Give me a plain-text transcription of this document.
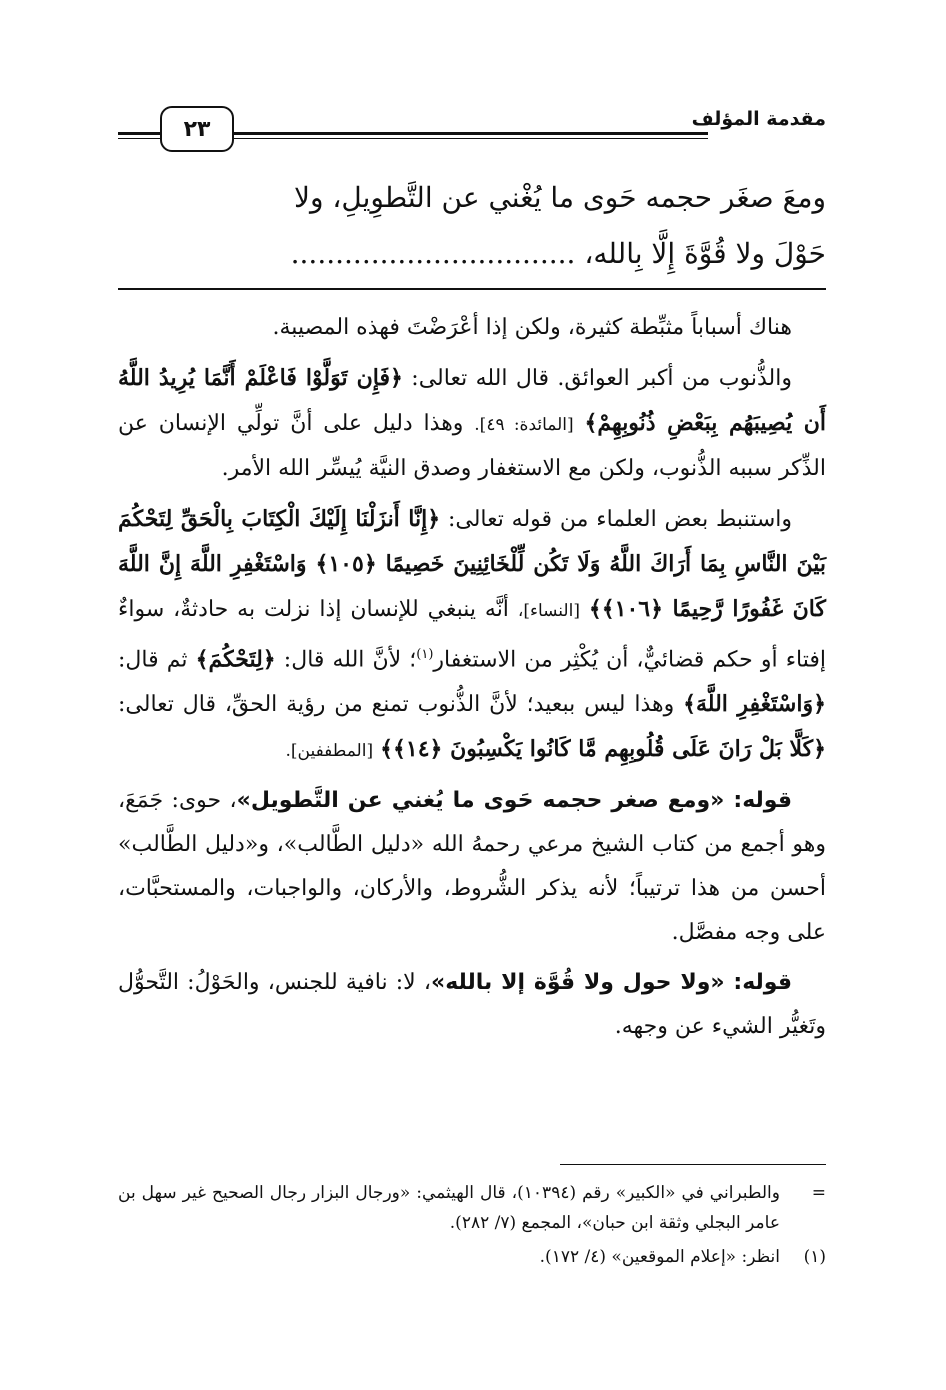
مقدمة المؤلف
٢٣
ومعَ صغَر حجمه حَوى ما يُغْني عن التَّطوِيلِ، ولا
حَوْلَ ولا قُوَّةَ إِلَّا بِالله، ................................

هناك أسباباً مثبِّطة كثيرة، ولكن إذا أعْرَضْتَ فهذه المصيبة.

والذُّنوب من أكبر العوائق. قال الله تعالى: ﴿فَإِن تَوَلَّوْا فَاعْلَمْ أَنَّمَا يُرِيدُ اللَّهُ أَن يُصِيبَهُم بِبَعْضِ ذُنُوبِهِمْ﴾ [المائدة: ٤٩]. وهذا دليل على أنَّ تولِّي الإنسان عن الذِّكر سببه الذُّنوب، ولكن مع الاستغفار وصدق النيَّة يُيسِّر الله الأمر.

واستنبط بعض العلماء من قوله تعالى: ﴿إِنَّا أَنزَلْنَا إِلَيْكَ الْكِتَابَ بِالْحَقِّ لِتَحْكُمَ بَيْنَ النَّاسِ بِمَا أَرَاكَ اللَّهُ وَلَا تَكُن لِّلْخَائِنِينَ خَصِيمًا ﴿١٠٥﴾ وَاسْتَغْفِرِ اللَّهَ إِنَّ اللَّهَ كَانَ غَفُورًا رَّحِيمًا ﴿١٠٦﴾﴾ [النساء]، أنَّه ينبغي للإنسان إذا نزلت به حادثةٌ، سواءٌ إفتاء أو حكم قضائيٌّ، أن يُكْثِر من الاستغفار$^{(١)}$؛ لأنَّ الله قال: ﴿لِتَحْكُمَ﴾ ثم قال: ﴿وَاسْتَغْفِرِ اللَّهَ﴾ وهذا ليس ببعيد؛ لأنَّ الذُّنوب تمنع من رؤية الحقِّ، قال تعالى: ﴿كَلَّا بَلْ رَانَ عَلَى قُلُوبِهِم مَّا كَانُوا يَكْسِبُونَ ﴿١٤﴾﴾ [المطففين].

قوله: «ومع صغر حجمه حَوى ما يُغني عن التَّطويل»، حوى: جَمَعَ، وهو أجمع من كتاب الشيخ مرعي رحمهُ الله «دليل الطَّالب»، و«دليل الطَّالب» أحسن من هذا ترتيباً؛ لأنه يذكر الشُّروط، والأركان، والواجبات، والمستحبَّات، على وجه مفصَّل.

قوله: «ولا حول ولا قُوَّة إلا بالله»، لا: نافية للجنس، والحَوْلُ: التَّحوُّل وتَغيُّر الشيء عن وجهه.

=
والطبراني في «الكبير» رقم (١٠٣٩٤)، قال الهيثمي: «ورجال البزار رجال الصحيح غير سهل بن عامر البجلي وثقة ابن حبان»، المجمع (٧/ ٢٨٢).

(١)
انظر: «إعلام الموقعين» (٤/ ١٧٢).
